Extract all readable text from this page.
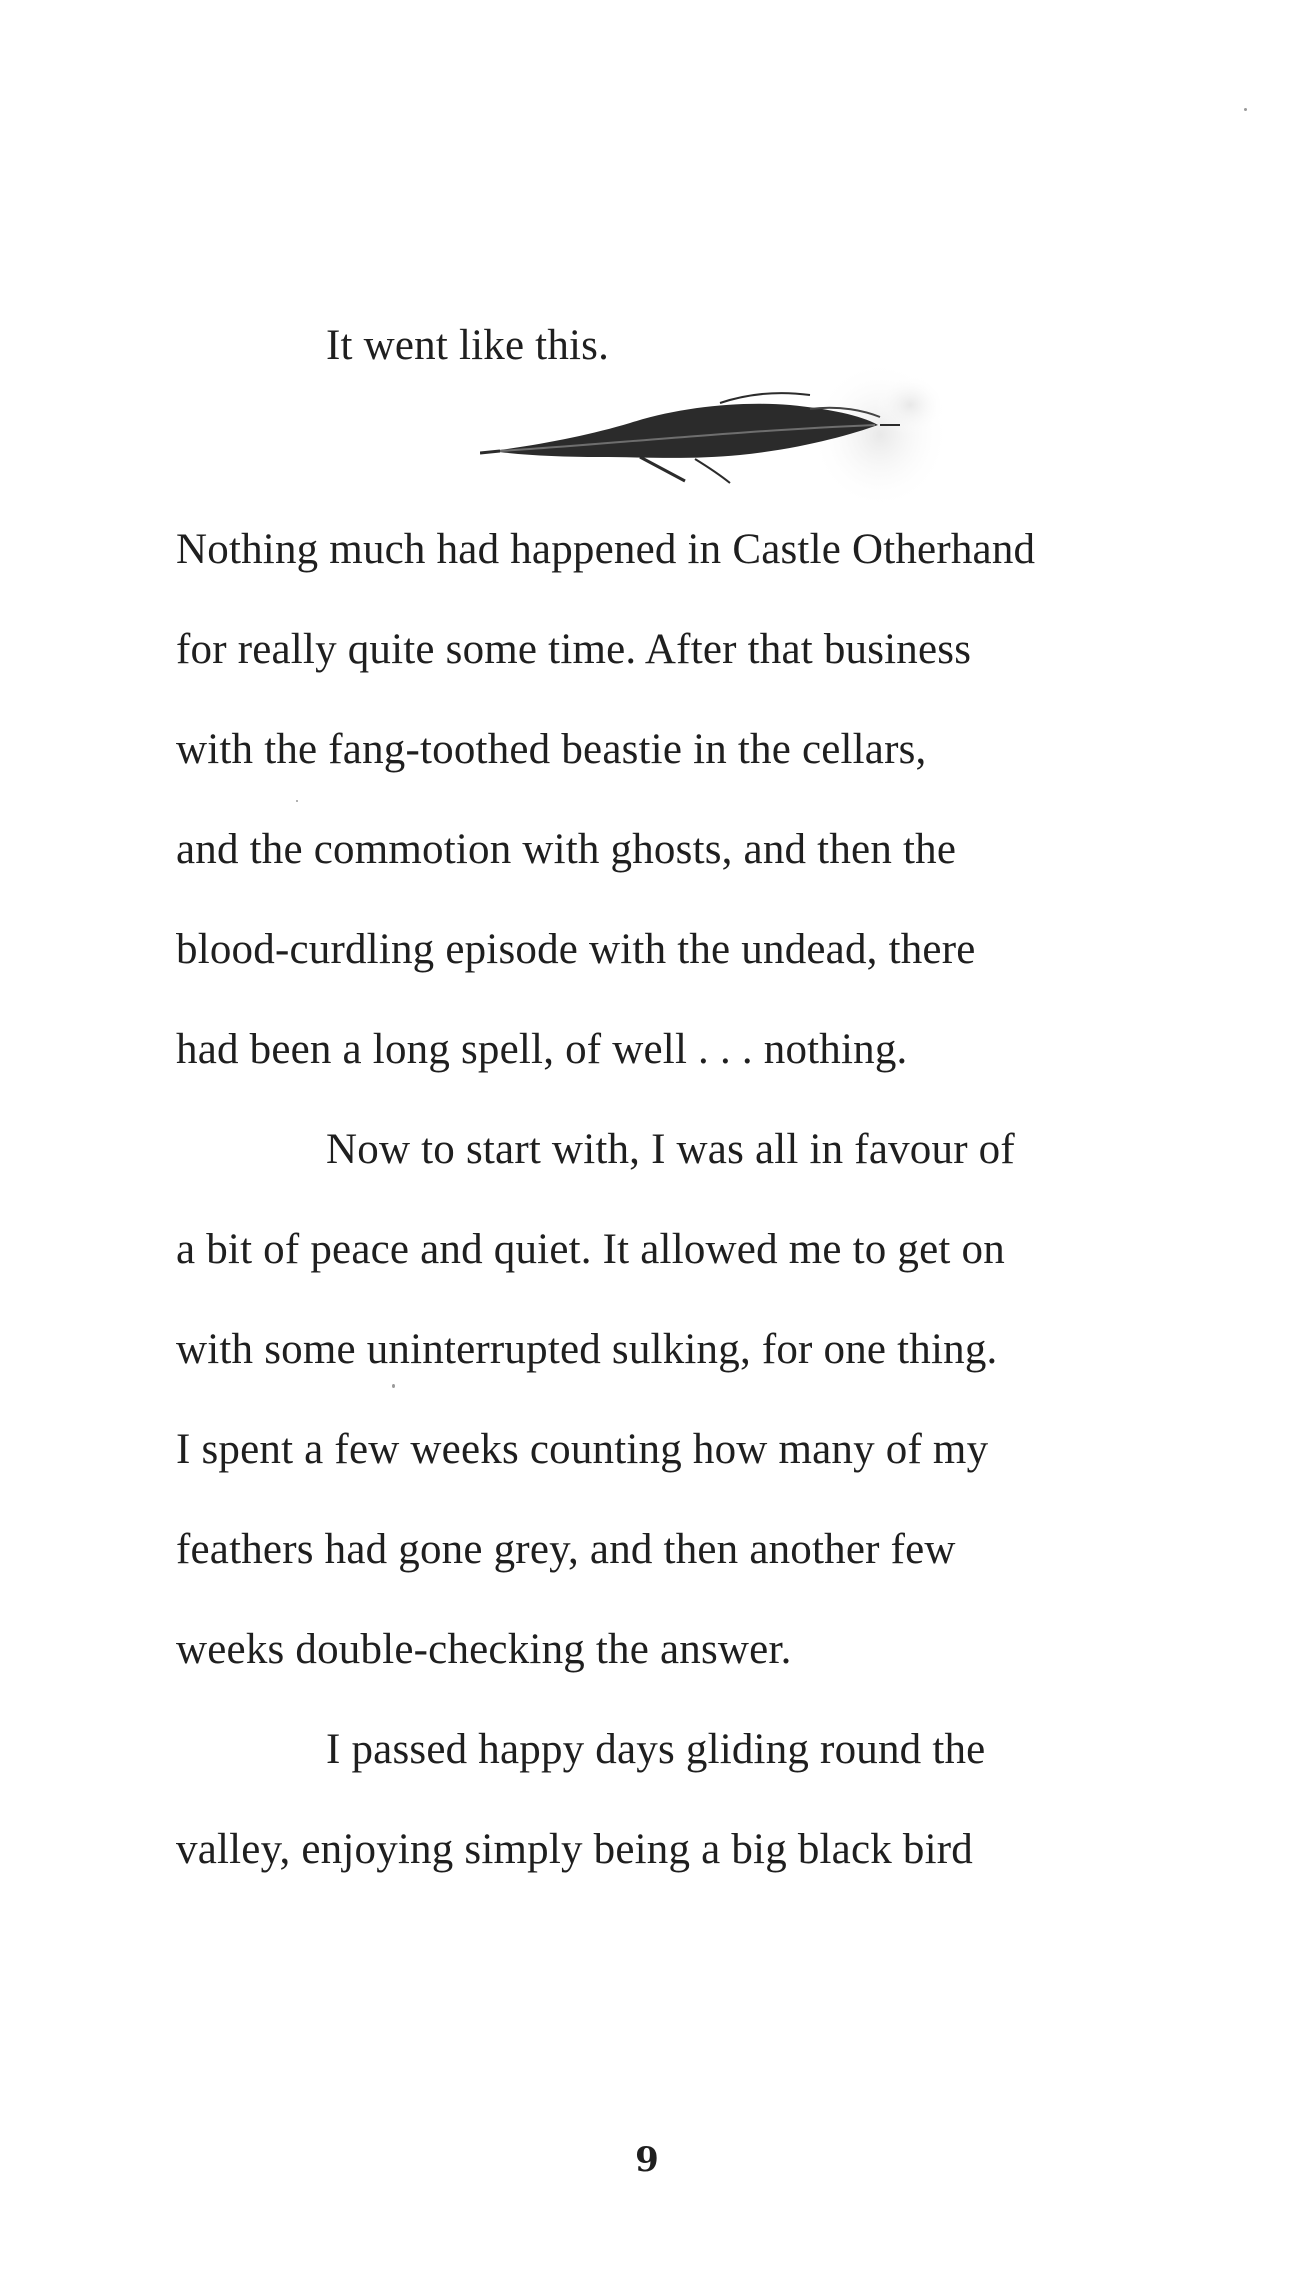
It went like this.

Nothing much had happened in Castle Otherhand

for really quite some time. After that business

with the fang-toothed beastie in the cellars,

and the commotion with ghosts, and then the

blood-curdling episode with the undead, there

had been a long spell, of well . . . nothing.

Now to start with, I was all in favour of

a bit of peace and quiet. It allowed me to get on

with some uninterrupted sulking, for one thing.

I spent a few weeks counting how many of my

feathers had gone grey, and then another few

weeks double-checking the answer.

I passed happy days gliding round the

valley, enjoying simply being a big black bird

9
